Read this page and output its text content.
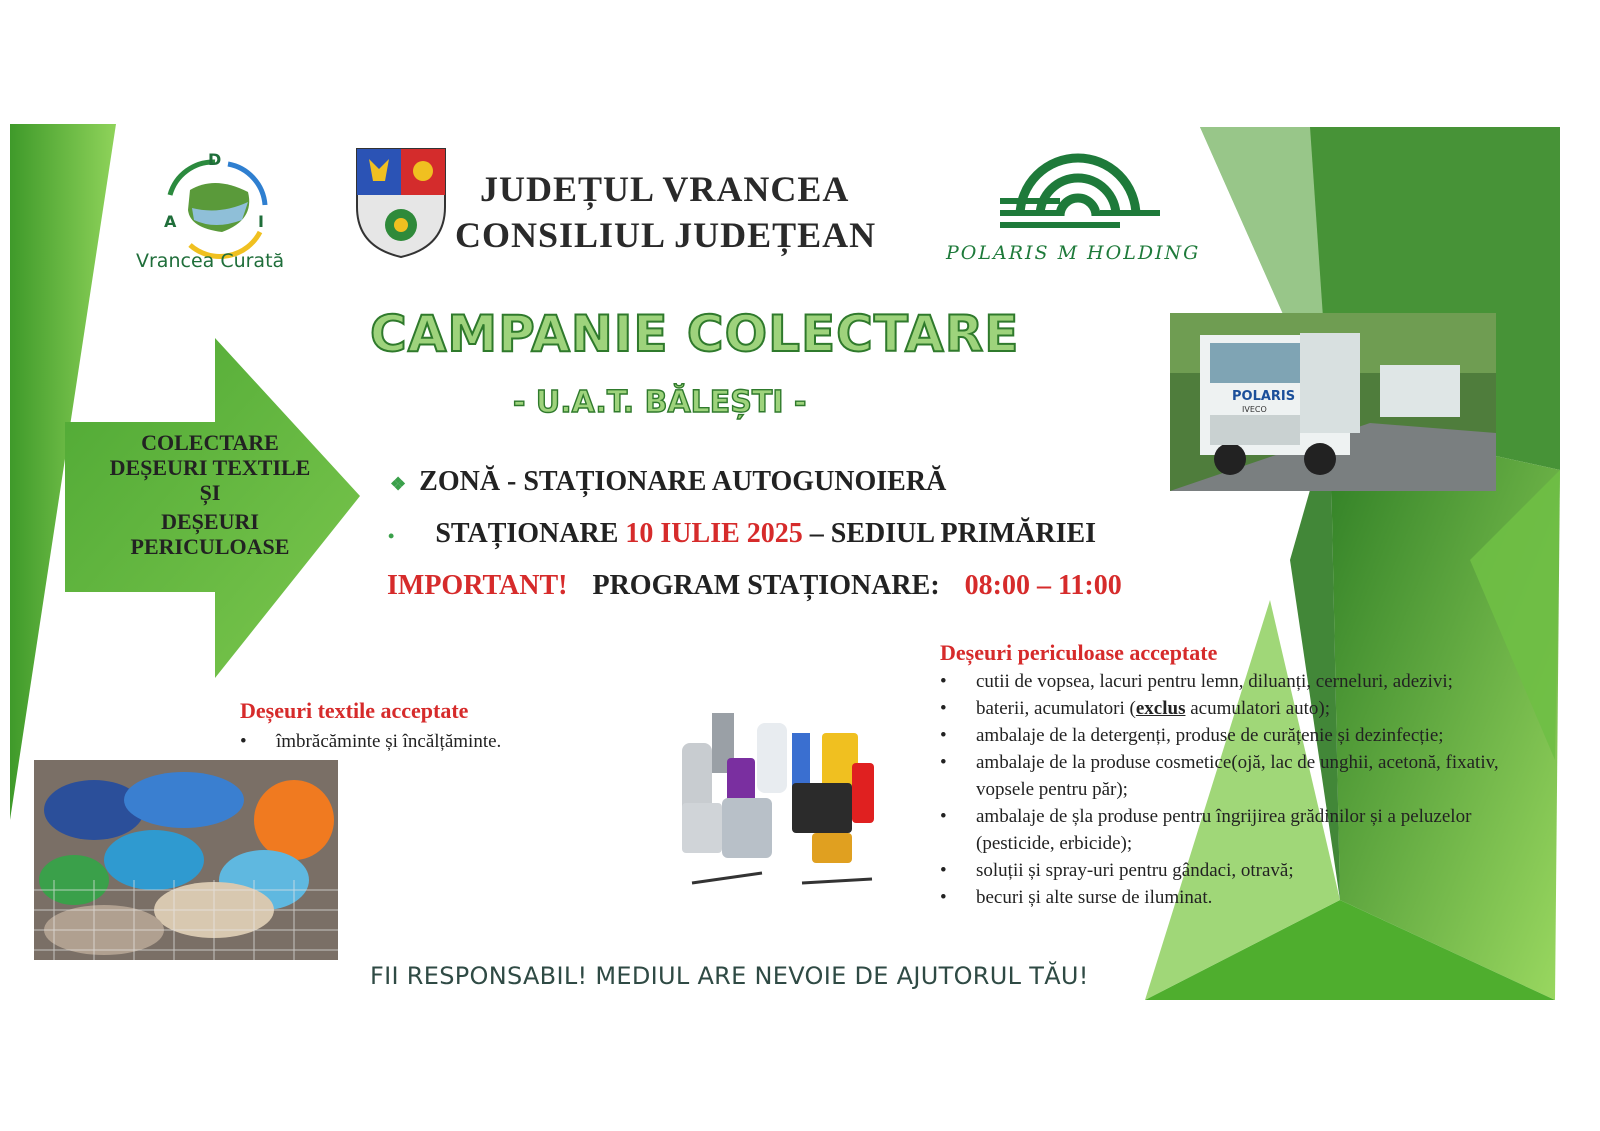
D
A	I
Vrancea Curată
JUDEȚUL VRANCEA
CONSILIUL JUDEȚEAN	POLARIS M HOLDING
CAMPANIE COLECTARE
- U.A.T. BĂLEȘTI -
COLECTARE
DEȘEURI TEXTILE
ȘI
DEȘEURI
PERICULOASE
POLARIS
IVECO
❖ ZONĂ - STAȚIONARE AUTOGUNOIERĂ
• STAȚIONARE 10 IULIE 2025 – SEDIUL PRIMĂRIEI
IMPORTANT! PROGRAM STAȚIONARE: 08:00 – 11:00
Deșeuri periculoase acceptate
• cutii de vopsea, lacuri pentru lemn, diluanți, cerneluri, adezivi;
• baterii, acumulatori (exclus acumulatori auto);
• ambalaje de la detergenți, produse de curățenie și dezinfecție;
• ambalaje de la produse cosmetice(ojă, lac de unghii, acetonă, fixativ, vopsele pentru păr);
• ambalaje de șla produse pentru îngrijirea grădinilor și a peluzelor (pesticide, erbicide);
• soluții și spray-uri pentru gândaci, otravă;
• becuri și alte surse de iluminat.
Deșeuri textile acceptate
• îmbrăcăminte și încălțăminte.
FII RESPONSABIL! MEDIUL ARE NEVOIE DE AJUTORUL TĂU!
